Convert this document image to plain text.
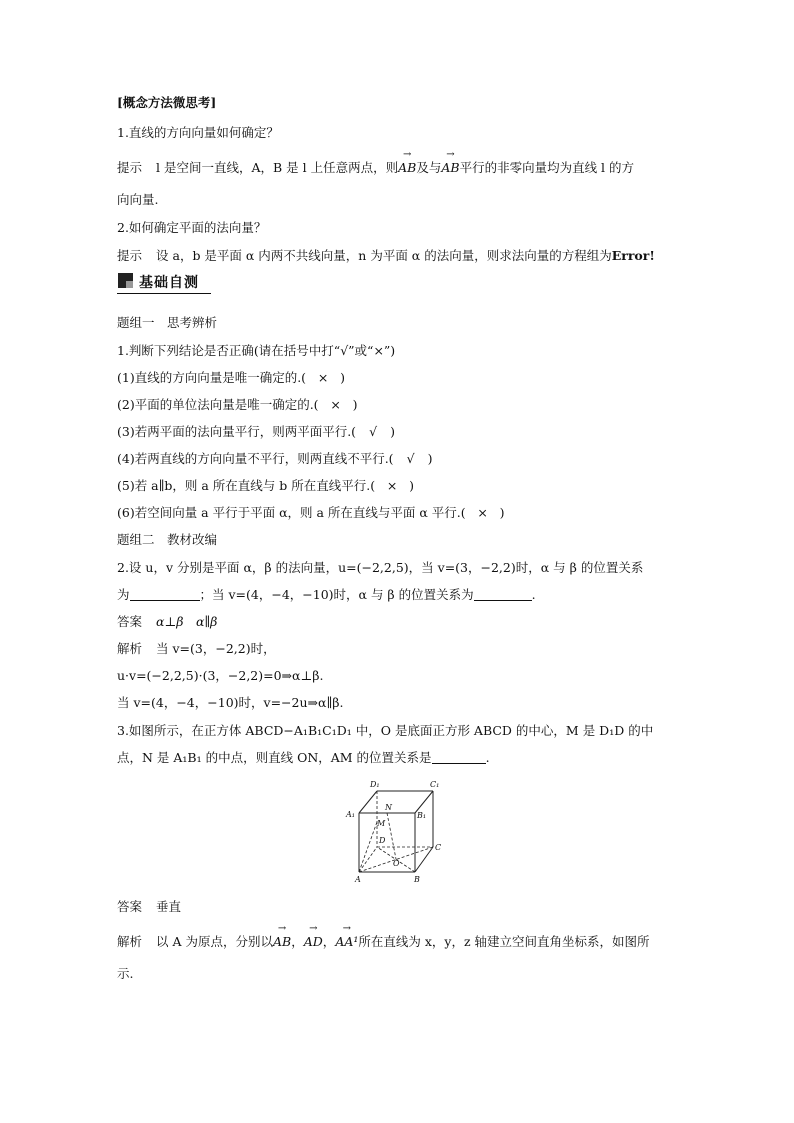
[概念方法微思考]
1.直线的方向向量如何确定？
提示 l 是空间一直线，A，B 是 l 上任意两点，则→ AB及与→ AB平行的非零向量均为直线 l 的方
向向量.
2.如何确定平面的法向量？
提示 设 a，b 是平面 α 内两不共线向量，n 为平面 α 的法向量，则求法向量的方程组为Error!
基础自测
题组一　思考辨析
1.判断下列结论是否正确(请在括号中打“√”或“×”)
(1)直线的方向向量是唯一确定的.( × )
(2)平面的单位法向量是唯一确定的.( × )
(3)若两平面的法向量平行，则两平面平行.( √ )
(4)若两直线的方向向量不平行，则两直线不平行.( √ )
(5)若 a∥b，则 a 所在直线与 b 所在直线平行.( × )
(6)若空间向量 a 平行于平面 α，则 a 所在直线与平面 α 平行.( × )
题组二　教材改编
2.设 u，v 分别是平面 α，β 的法向量，u=(−2,2,5)，当 v=(3，−2,2)时，α 与 β 的位置关系
为	；当 v=(4，−4，−10)时，α 与 β 的位置关系为	.
答案 α⊥β　α∥β
解析 当 v=(3，−2,2)时，
u·v=(−2,2,5)·(3，−2,2)=0⇒α⊥β.
当 v=(4，−4，−10)时，v=−2u⇒α∥β.
3.如图所示，在正方体 ABCD−A₁B₁C₁D₁ 中，O 是底面正方形 ABCD 的中心，M 是 D₁D 的中
点，N 是 A₁B₁ 的中点，则直线 ON，AM 的位置关系是	.
D₁	C₁
A₁	B₁
N
M
D
O
C
A	B
答案 垂直
解析 以 A 为原点，分别以→ AB，→ AD，→ AA¹所在直线为 x，y，z 轴建立空间直角坐标系，如图所
示.
